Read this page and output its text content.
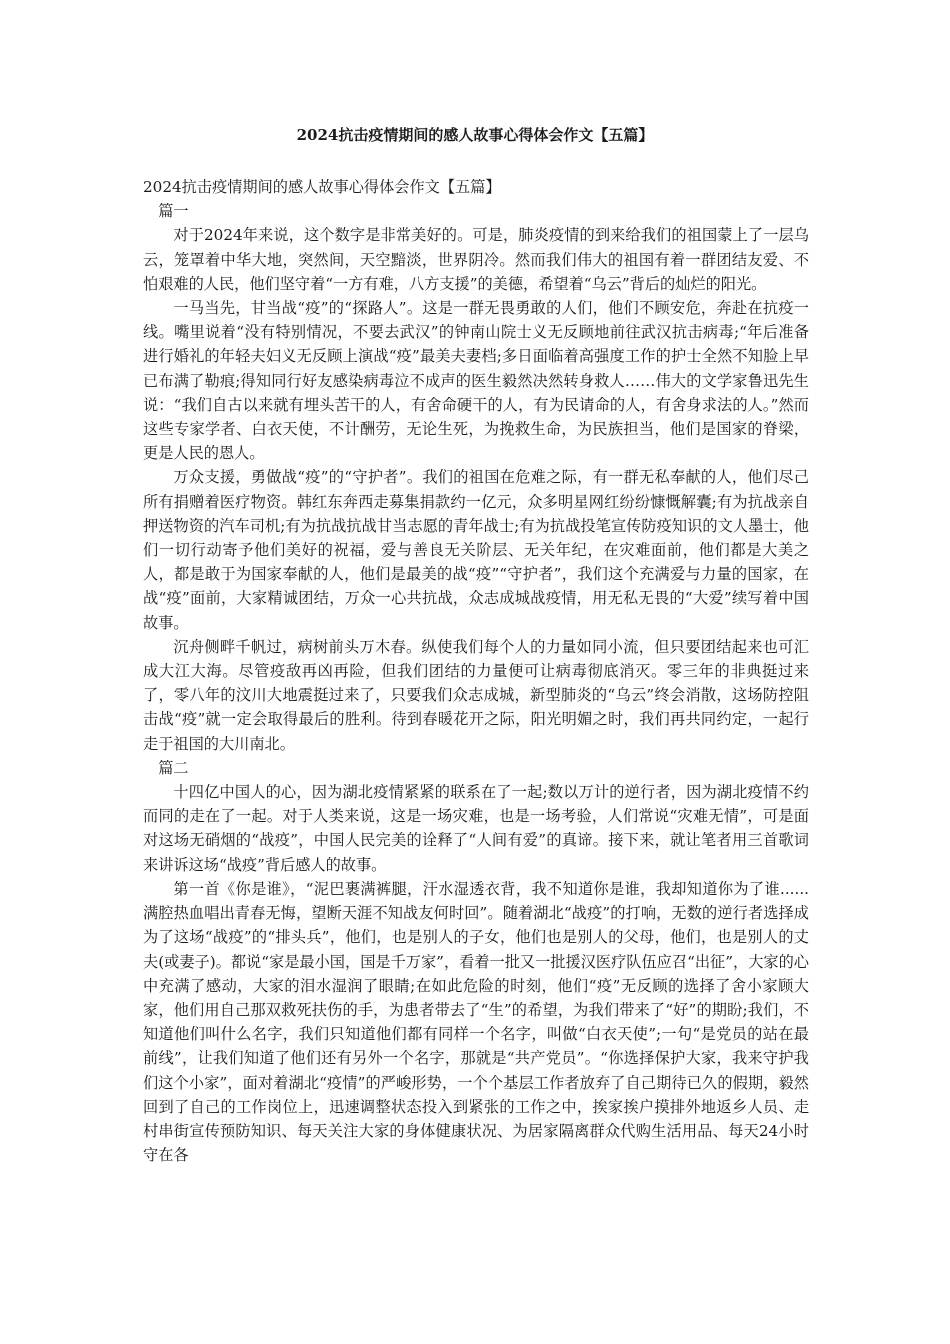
2024抗击疫情期间的感人故事心得体会作文【五篇】

2024抗击疫情期间的感人故事心得体会作文【五篇】

篇一

对于2024年来说，这个数字是非常美好的。可是，肺炎疫情的到来给我们的祖国蒙上了一层乌云，笼罩着中华大地，突然间，天空黯淡，世界阴冷。然而我们伟大的祖国有着一群团结友爱、不怕艰难的人民，他们坚守着“一方有难，八方支援”的美德，希望着“乌云”背后的灿烂的阳光。

一马当先，甘当战“疫”的“探路人”。这是一群无畏勇敢的人们，他们不顾安危，奔赴在抗疫一线。嘴里说着“没有特别情况，不要去武汉”的钟南山院士义无反顾地前往武汉抗击病毒;“年后准备进行婚礼的年轻夫妇义无反顾上演战“疫”最美夫妻档;多日面临着高强度工作的护士全然不知脸上早已布满了勒痕;得知同行好友感染病毒泣不成声的医生毅然决然转身救人……伟大的文学家鲁迅先生说：“我们自古以来就有埋头苦干的人，有舍命硬干的人，有为民请命的人，有舍身求法的人。”然而这些专家学者、白衣天使，不计酬劳，无论生死，为挽救生命，为民族担当，他们是国家的脊梁，更是人民的恩人。

万众支援，勇做战“疫”的“守护者”。我们的祖国在危难之际，有一群无私奉献的人，他们尽己所有捐赠着医疗物资。韩红东奔西走募集捐款约一亿元，众多明星网红纷纷慷慨解囊;有为抗战亲自押送物资的汽车司机;有为抗战抗战甘当志愿的青年战士;有为抗战投笔宣传防疫知识的文人墨士，他们一切行动寄予他们美好的祝福，爱与善良无关阶层、无关年纪，在灾难面前，他们都是大美之人，都是敢于为国家奉献的人，他们是最美的战“疫”“守护者”，我们这个充满爱与力量的国家，在战“疫”面前，大家精诚团结，万众一心共抗战，众志成城战疫情，用无私无畏的“大爱”续写着中国故事。

沉舟侧畔千帆过，病树前头万木春。纵使我们每个人的力量如同小流，但只要团结起来也可汇成大江大海。尽管疫敌再凶再险，但我们团结的力量便可让病毒彻底消灭。零三年的非典挺过来了，零八年的汶川大地震挺过来了，只要我们众志成城，新型肺炎的“乌云”终会消散，这场防控阻击战“疫”就一定会取得最后的胜利。待到春暖花开之际，阳光明媚之时，我们再共同约定，一起行走于祖国的大川南北。

篇二

十四亿中国人的心，因为湖北疫情紧紧的联系在了一起;数以万计的逆行者，因为湖北疫情不约而同的走在了一起。对于人类来说，这是一场灾难，也是一场考验，人们常说“灾难无情”，可是面对这场无硝烟的“战疫”，中国人民完美的诠释了“人间有爱”的真谛。接下来，就让笔者用三首歌词来讲诉这场“战疫”背后感人的故事。

第一首《你是谁》，“泥巴裹满裤腿，汗水湿透衣背，我不知道你是谁，我却知道你为了谁......满腔热血唱出青春无悔，望断天涯不知战友何时回”。随着湖北“战疫”的打响，无数的逆行者选择成为了这场“战疫”的“排头兵”，他们，也是别人的子女，他们也是别人的父母，他们，也是别人的丈夫(或妻子)。都说“家是最小国，国是千万家”，看着一批又一批援汉医疗队伍应召“出征”，大家的心中充满了感动，大家的泪水湿润了眼睛;在如此危险的时刻，他们“疫”无反顾的选择了舍小家顾大家，他们用自己那双救死扶伤的手，为患者带去了“生”的希望，为我们带来了“好”的期盼;我们，不知道他们叫什么名字，我们只知道他们都有同样一个名字，叫做“白衣天使”;一句“是党员的站在最前线”，让我们知道了他们还有另外一个名字，那就是“共产党员”。“你选择保护大家，我来守护我们这个小家”，面对着湖北“疫情”的严峻形势，一个个基层工作者放弃了自己期待已久的假期，毅然回到了自己的工作岗位上，迅速调整状态投入到紧张的工作之中，挨家挨户摸排外地返乡人员、走村串街宣传预防知识、每天关注大家的身体健康状况、为居家隔离群众代购生活用品、每天24小时守在各
